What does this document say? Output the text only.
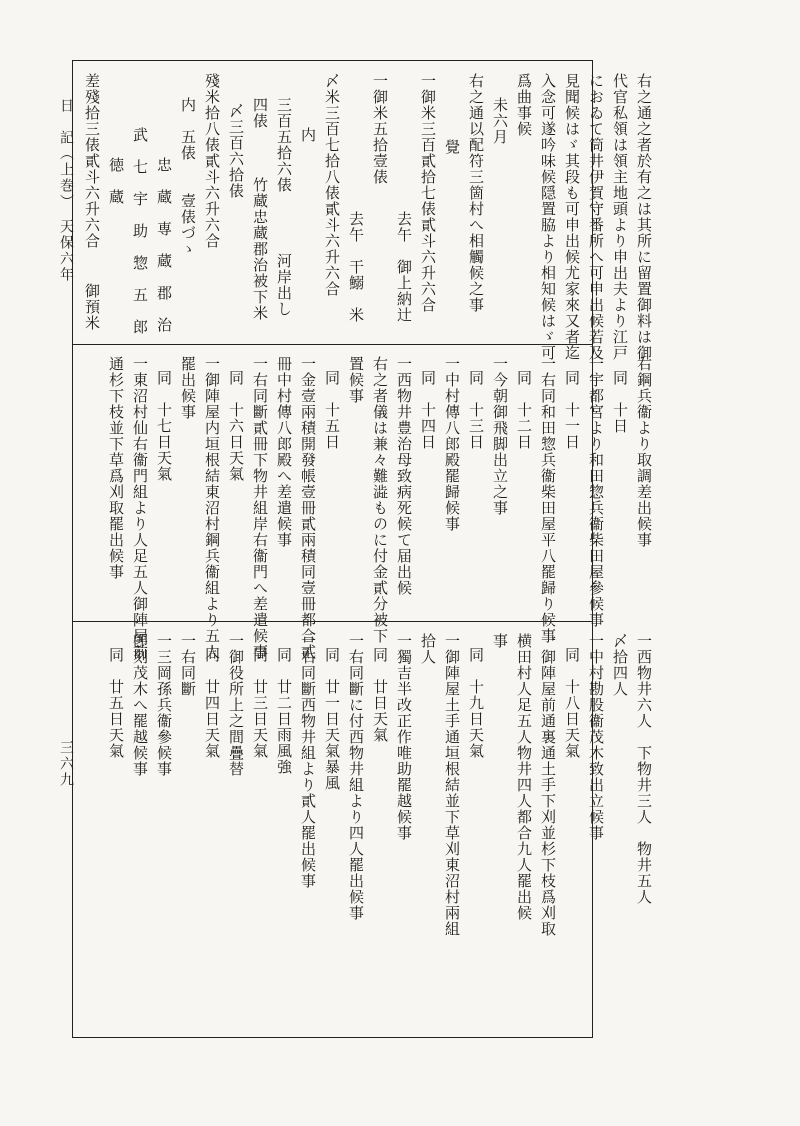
日　記（上巻）　天保六年
三六九
右之通之者於有之は其所に留置御料は御
代官私領は領主地頭より申出夫より江戸
におゐて筒井伊賀守番所へ可申出候若及
見聞候はゞ其段も可申出候尤家來又者迄
入念可遂吟味候隠置脇より相知候はゞ可
爲曲事候
未六月
右之通以配符三箇村へ相觸候之事
覺
一御米三百貳拾七俵貳斗六升六合
去午　御上納辻
一御米五拾壹俵
去午　干鰯　米
〆米三百七拾八俵貳斗六升六合
内
三百五拾六俵
河岸出し
四俵
竹蔵忠蔵郡治被下米
〆三百六拾俵
殘米拾八俵貳斗六升六合
内　五俵　　壹俵づゝ
忠　蔵　専　蔵　郡　治
武　七　宇　助　惣　五　郎
徳　蔵
差殘拾三俵貳斗六升六合
御預米
右鋼兵衞より取調差出候事
同　十日
一宇都宮より和田惣兵衞柴田屋參候事
同　十一日
一右同和田惣兵衞柴田屋平八罷歸り候事
同　十二日
一今朝御飛脚出立之事
同　十三日
一中村傳八郎殿罷歸候事
同　十四日
一西物井豊治母致病死候て届出候
右之者儀は兼々難澁ものに付金貳分被下
置候事
同　十五日
一金壹兩積開發帳壹冊貳兩積同壹冊都合貳
冊中村傳八郎殿へ差遣候事
一右同斷貳冊下物井組岸右衞門へ差遣候事
同　十六日天氣
一御陣屋内垣根結東沼村鋼兵衞組より五人
罷出候事
同　十七日天氣
一東沼村仙右衞門組より人足五人御陣屋前
通杉下枝並下草爲刈取罷出候事
一西物井六人　下物井三人　物井五人
〆拾四人
一中村勘股衞茂木致出立候事
同　十八日天氣
一御陣屋前通裏通土手下刈並杉下枝爲刈取
横田村人足五人物井四人都合九人罷出候
事
同　十九日天氣
一御陣屋土手通垣根結並下草刈東沼村兩組
拾人
一獨吉半改正作唯助罷越候事
同　廿日天氣
一右同斷に付西物井組より四人罷出候事
同　廿一日天氣暴風
一右同斷西物井組より貳人罷出候事
同　廿二日雨風強
同　廿三日天氣
一御役所上之間疊替
同　廿四日天氣
一右同斷
一三岡孫兵衞參候事
卽刻茂木へ罷越候事
同　廿五日天氣
